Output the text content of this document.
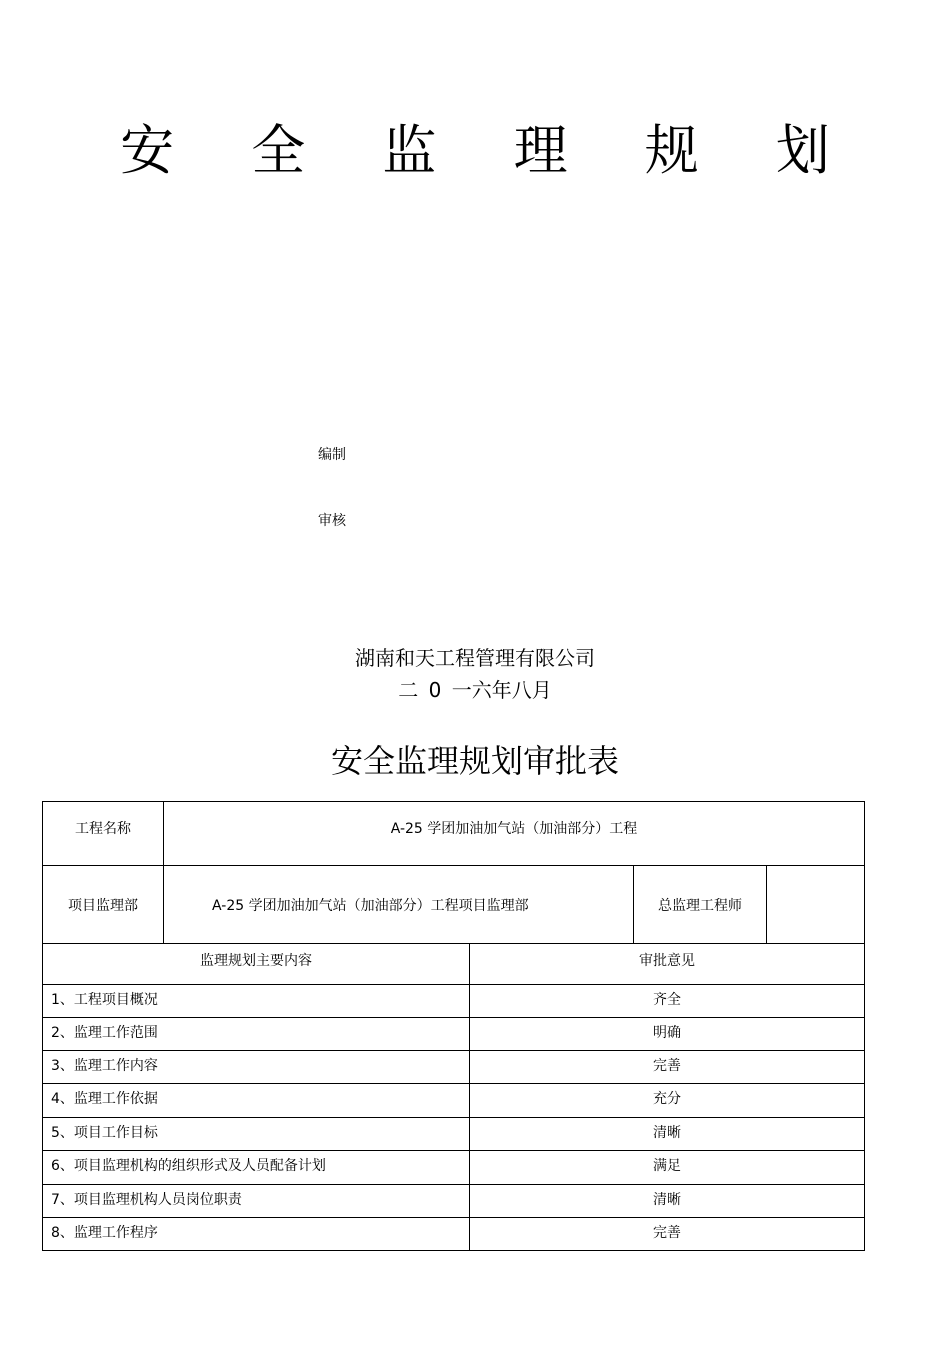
安 全 监 理 规 划
编制
审核
湖南和天工程管理有限公司
二 0 一六年八月
安全监理规划审批表
工程名称	A-25 学团加油加气站（加油部分）工程		
项目监理部	A-25 学团加油加气站（加油部分）工程项目监理部	总监理工程师	
监理规划主要内容	审批意见
1、工程项目概况	齐全
2、监理工作范围	明确
3、监理工作内容	完善
4、监理工作依据	充分
5、项目工作目标	清晰
6、项目监理机构的组织形式及人员配备计划	满足
7、项目监理机构人员岗位职责	清晰
8、监理工作程序	完善
